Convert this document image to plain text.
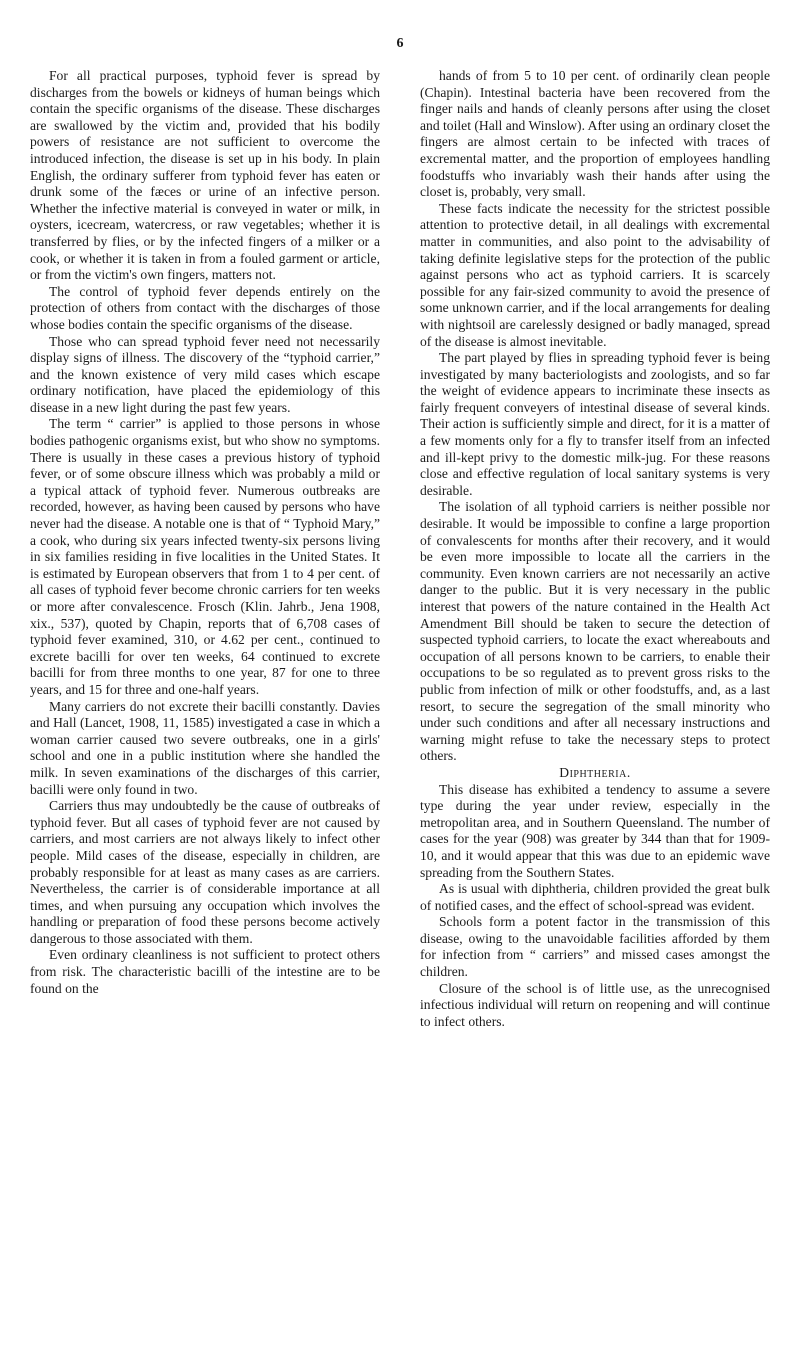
6

For all practical purposes, typhoid fever is spread by discharges from the bowels or kidneys of human beings which contain the specific organisms of the disease. These discharges are swallowed by the victim and, provided that his bodily powers of resistance are not sufficient to overcome the introduced infection, the disease is set up in his body. In plain English, the ordinary sufferer from typhoid fever has eaten or drunk some of the fæces or urine of an infective person. Whether the infective material is conveyed in water or milk, in oysters, icecream, watercress, or raw vegetables; whether it is transferred by flies, or by the infected fingers of a milker or a cook, or whether it is taken in from a fouled garment or article, or from the victim's own fingers, matters not.

The control of typhoid fever depends entirely on the protection of others from contact with the discharges of those whose bodies contain the specific organisms of the disease.

Those who can spread typhoid fever need not necessarily display signs of illness. The discovery of the “typhoid carrier,” and the known existence of very mild cases which escape ordinary notification, have placed the epidemiology of this disease in a new light during the past few years.

The term “ carrier” is applied to those persons in whose bodies pathogenic organisms exist, but who show no symptoms. There is usually in these cases a previous history of typhoid fever, or of some obscure illness which was probably a mild or a typical attack of typhoid fever. Numerous outbreaks are recorded, however, as having been caused by persons who have never had the disease. A notable one is that of “ Typhoid Mary,” a cook, who during six years infected twenty-six persons living in six families residing in five localities in the United States. It is estimated by European observers that from 1 to 4 per cent. of all cases of typhoid fever become chronic carriers for ten weeks or more after convalescence. Frosch (Klin. Jahrb., Jena 1908, xix., 537), quoted by Chapin, reports that of 6,708 cases of typhoid fever examined, 310, or 4.62 per cent., continued to excrete bacilli for over ten weeks, 64 continued to excrete bacilli for from three months to one year, 87 for one to three years, and 15 for three and one-half years.

Many carriers do not excrete their bacilli constantly. Davies and Hall (Lancet, 1908, 11, 1585) investigated a case in which a woman carrier caused two severe outbreaks, one in a girls' school and one in a public institution where she handled the milk. In seven examinations of the discharges of this carrier, bacilli were only found in two.

Carriers thus may undoubtedly be the cause of outbreaks of typhoid fever. But all cases of typhoid fever are not caused by carriers, and most carriers are not always likely to infect other people. Mild cases of the disease, especially in children, are probably responsible for at least as many cases as are carriers. Nevertheless, the carrier is of considerable importance at all times, and when pursuing any occupation which involves the handling or preparation of food these persons become actively dangerous to those associated with them.

Even ordinary cleanliness is not sufficient to protect others from risk. The characteristic bacilli of the intestine are to be found on the

hands of from 5 to 10 per cent. of ordinarily clean people (Chapin). Intestinal bacteria have been recovered from the finger nails and hands of cleanly persons after using the closet and toilet (Hall and Winslow). After using an ordinary closet the fingers are almost certain to be infected with traces of excremental matter, and the proportion of employees handling foodstuffs who invariably wash their hands after using the closet is, probably, very small.

These facts indicate the necessity for the strictest possible attention to protective detail, in all dealings with excremental matter in communities, and also point to the advisability of taking definite legislative steps for the protection of the public against persons who act as typhoid carriers. It is scarcely possible for any fair-sized community to avoid the presence of some unknown carrier, and if the local arrangements for dealing with nightsoil are carelessly designed or badly managed, spread of the disease is almost inevitable.

The part played by flies in spreading typhoid fever is being investigated by many bacteriologists and zoologists, and so far the weight of evidence appears to incriminate these insects as fairly frequent conveyers of intestinal disease of several kinds. Their action is sufficiently simple and direct, for it is a matter of a few moments only for a fly to transfer itself from an infected and ill-kept privy to the domestic milk-jug. For these reasons close and effective regulation of local sanitary systems is very desirable.

The isolation of all typhoid carriers is neither possible nor desirable. It would be impossible to confine a large proportion of convalescents for months after their recovery, and it would be even more impossible to locate all the carriers in the community. Even known carriers are not necessarily an active danger to the public. But it is very necessary in the public interest that powers of the nature contained in the Health Act Amendment Bill should be taken to secure the detection of suspected typhoid carriers, to locate the exact whereabouts and occupation of all persons known to be carriers, to enable their occupations to be so regulated as to prevent gross risks to the public from infection of milk or other foodstuffs, and, as a last resort, to secure the segregation of the small minority who under such conditions and after all necessary instructions and warning might refuse to take the necessary steps to protect others.

Diphtheria.

This disease has exhibited a tendency to assume a severe type during the year under review, especially in the metropolitan area, and in Southern Queensland. The number of cases for the year (908) was greater by 344 than that for 1909-10, and it would appear that this was due to an epidemic wave spreading from the Southern States.

As is usual with diphtheria, children provided the great bulk of notified cases, and the effect of school-spread was evident.

Schools form a potent factor in the transmission of this disease, owing to the unavoidable facilities afforded by them for infection from “ carriers” and missed cases amongst the children.

Closure of the school is of little use, as the unrecognised infectious individual will return on reopening and will continue to infect others.
